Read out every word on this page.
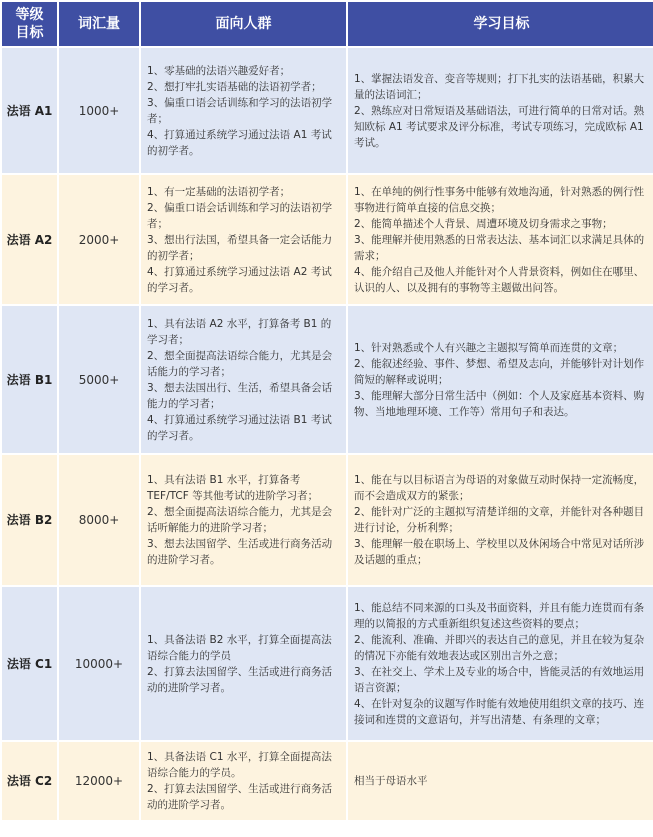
等级
目标	词汇量	面向人群	学习目标
法语 A1	1000+	1、零基础的法语兴趣爱好者；
2、想打牢扎实语基础的法语初学者；
3、偏重口语会话训练和学习的法语初学者；
4、打算通过系统学习通过法语 A1 考试的初学者。	1、掌握法语发音、变音等规则；打下扎实的法语基础，积累大量的法语词汇；
2、熟练应对日常短语及基础语法，可进行简单的日常对话。熟知欧标 A1 考试要求及评分标准，考试专项练习，完成欧标 A1 考试。

法语 A2	2000+	1、有一定基础的法语初学者；
2、偏重口语会话训练和学习的法语初学者；
3、想出行法国，希望具备一定会话能力的初学者；
4、打算通过系统学习通过法语 A2 考试的学习者。	1、在单纯的例行性事务中能够有效地沟通，针对熟悉的例行性事物进行简单直接的信息交换；
2、能简单描述个人背景、周遭环境及切身需求之事物；
3、能理解并使用熟悉的日常表达法、基本词汇以求满足具体的需求；
4、能介绍自己及他人并能针对个人背景资料，例如住在哪里、认识的人、以及拥有的事物等主题做出问答。

法语 B1	5000+	1、具有法语 A2 水平，打算备考 B1 的学习者；
2、想全面提高法语综合能力，尤其是会话能力的学习者；
3、想去法国出行、生活，希望具备会话能力的学习者；
4、打算通过系统学习通过法语 B1 考试的学习者。	1、针对熟悉或个人有兴趣之主题拟写简单而连贯的文章；
2、能叙述经验、事件、梦想、希望及志向，并能够针对计划作简短的解释或说明；
3、能理解大部分日常生活中（例如：个人及家庭基本资料、购物、当地地理环境、工作等）常用句子和表达。

法语 B2	8000+	1、具有法语 B1 水平，打算备考 TEF/TCF 等其他考试的进阶学习者；
2、想全面提高法语综合能力，尤其是会话听解能力的进阶学习者；
3、想去法国留学、生活或进行商务活动的进阶学习者。	1、能在与以目标语言为母语的对象做互动时保持一定流畅度，而不会造成双方的紧张；
2、能针对广泛的主题拟写清楚详细的文章，并能针对各种题目进行讨论，分析利弊；
3、能理解一般在职场上、学校里以及休闲场合中常见对话所涉及话题的重点；

法语 C1	10000+	1、具备法语 B2 水平，打算全面提高法语综合能力的学员
2、打算去法国留学、生活或进行商务活动的进阶学习者。	1、能总结不同来源的口头及书面资料，并且有能力连贯而有条理的以简报的方式重新组织复述这些资料的要点；
2、能流利、准确、并即兴的表达自己的意见，并且在较为复杂的情况下亦能有效地表达或区别出言外之意；
3、在社交上、学术上及专业的场合中，皆能灵活的有效地运用语言资源；
4、在针对复杂的议题写作时能有效地使用组织文章的技巧、连接词和连贯的文意语句，并写出清楚、有条理的文章；

法语 C2	12000+	1、具备法语 C1 水平，打算全面提高法语综合能力的学员。
2、打算去法国留学、生活或进行商务活动的进阶学习者。	相当于母语水平
